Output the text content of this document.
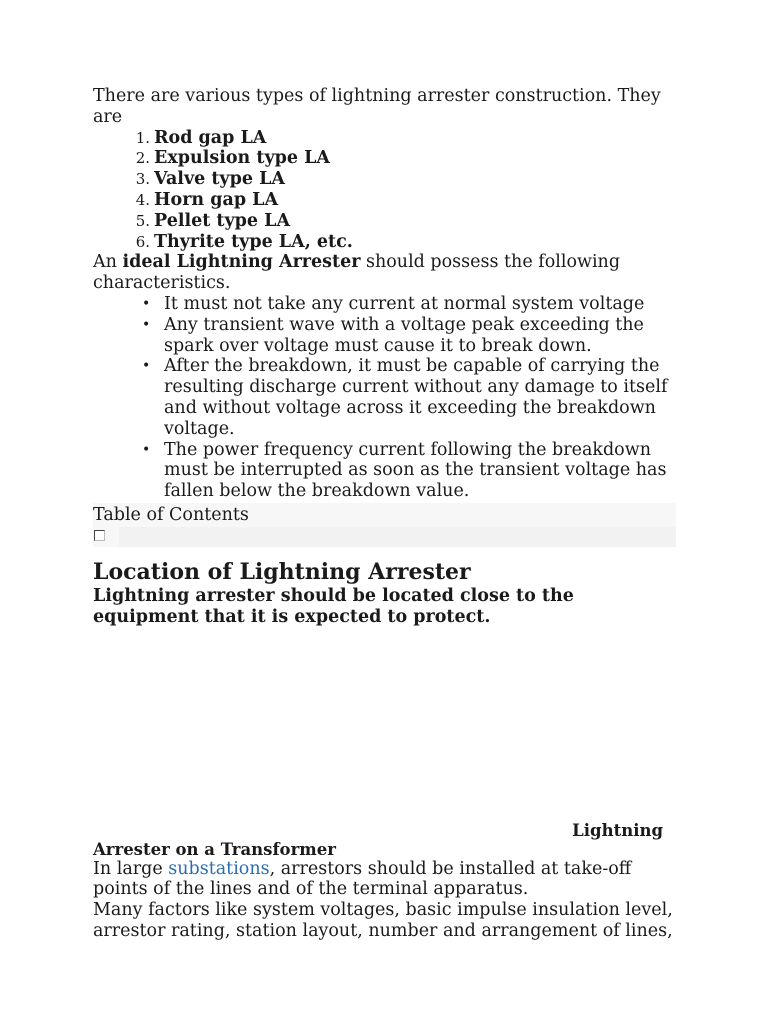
There are various types of lightning arrester construction. They are

1. Rod gap LA
2. Expulsion type LA
3. Valve type LA
4. Horn gap LA
5. Pellet type LA
6. Thyrite type LA, etc.

An ideal Lightning Arrester should possess the following characteristics.

• It must not take any current at normal system voltage
• Any transient wave with a voltage peak exceeding the spark over voltage must cause it to break down.
• After the breakdown, it must be capable of carrying the resulting discharge current without any damage to itself and without voltage across it exceeding the breakdown voltage.
• The power frequency current following the breakdown must be interrupted as soon as the transient voltage has fallen below the breakdown value.
Table of Contents
Location of Lightning Arrester

Lightning arrester should be located close to the equipment that it is expected to protect.

Lightning
Arrester on a Transformer

In large substations, arrestors should be installed at take-off points of the lines and of the terminal apparatus.

Many factors like system voltages, basic impulse insulation level, arrestor rating, station layout, number and arrangement of lines,
